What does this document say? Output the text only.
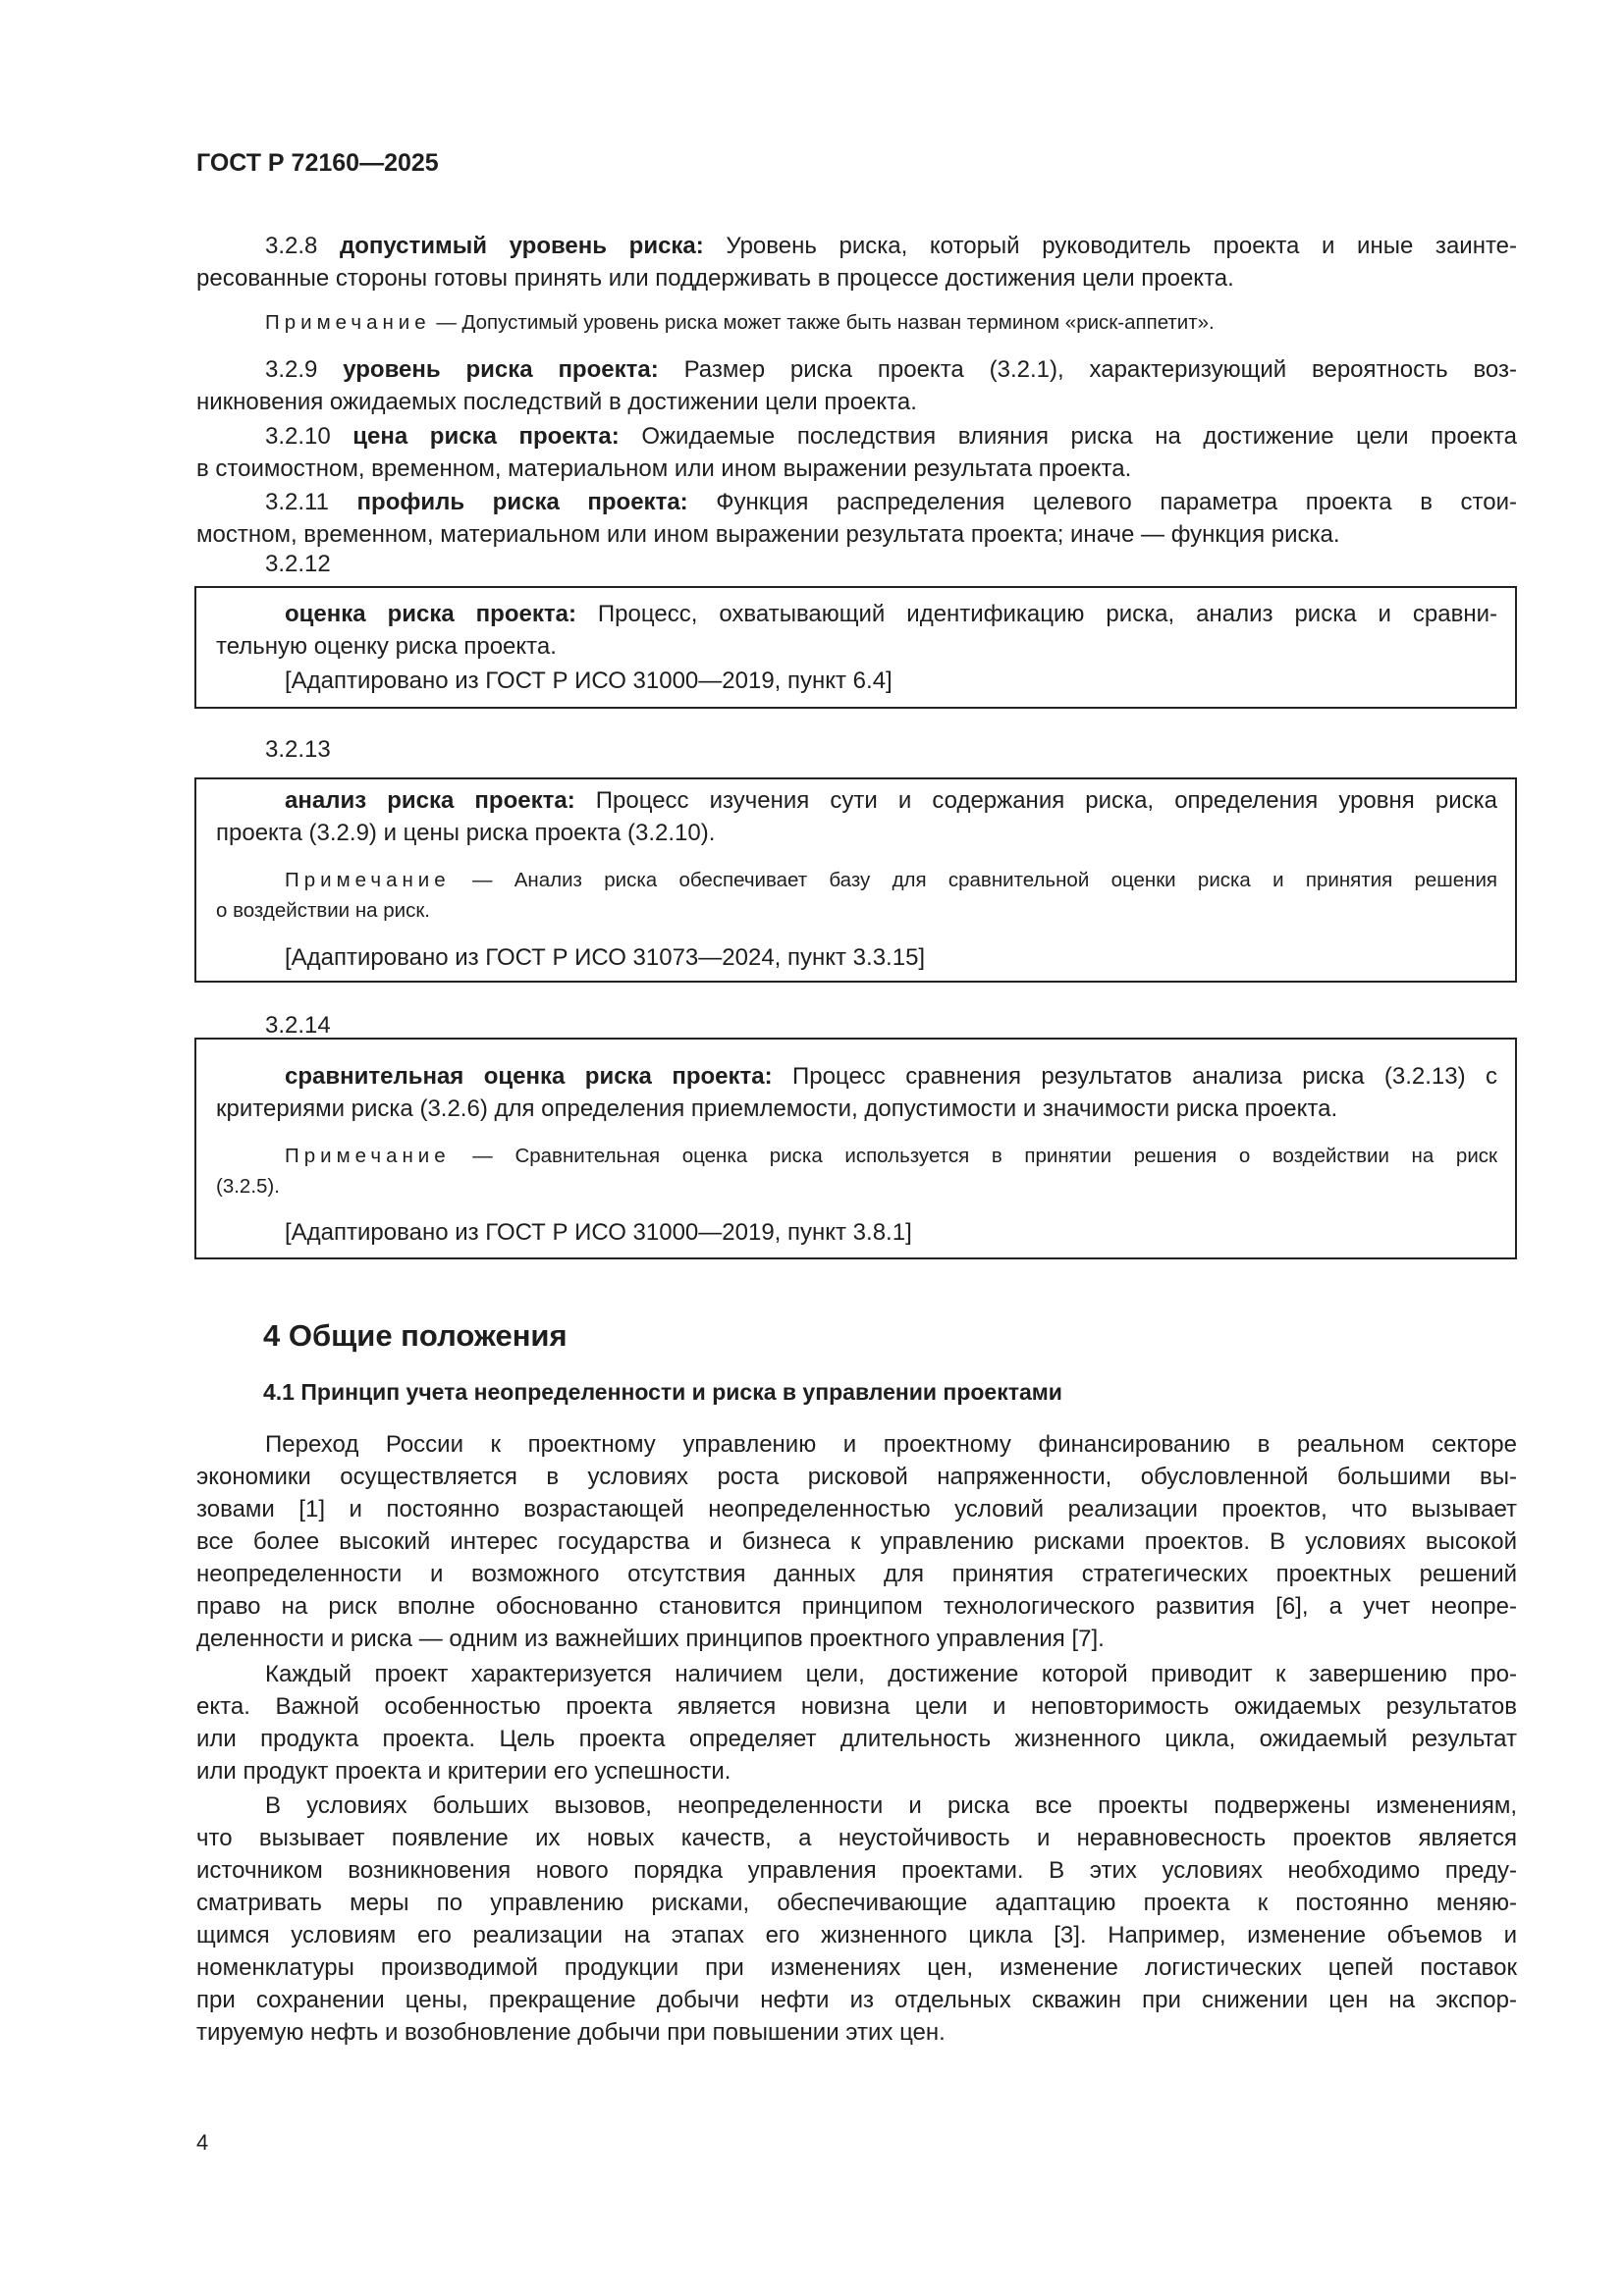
ГОСТ Р 72160—2025
3.2.8 допустимый уровень риска: Уровень риска, который руководитель проекта и иные заинте-
ресованные стороны готовы принять или поддерживать в процессе достижения цели проекта.
Примечание — Допустимый уровень риска может также быть назван термином «риск-аппетит».
3.2.9 уровень риска проекта: Размер риска проекта (3.2.1), характеризующий вероятность воз-
никновения ожидаемых последствий в достижении цели проекта.
3.2.10 цена риска проекта: Ожидаемые последствия влияния риска на достижение цели проекта
в стоимостном, временном, материальном или ином выражении результата проекта.
3.2.11 профиль риска проекта: Функция распределения целевого параметра проекта в стои-
мостном, временном, материальном или ином выражении результата проекта; иначе — функция риска.
3.2.12
оценка риска проекта: Процесс, охватывающий идентификацию риска, анализ риска и сравни-
тельную оценку риска проекта.
[Адаптировано из ГОСТ Р ИСО 31000—2019, пункт 6.4]
3.2.13
анализ риска проекта: Процесс изучения сути и содержания риска, определения уровня риска
проекта (3.2.9) и цены риска проекта (3.2.10).
Примечание — Анализ риска обеспечивает базу для сравнительной оценки риска и принятия решения
о воздействии на риск.
[Адаптировано из ГОСТ Р ИСО 31073—2024, пункт 3.3.15]
3.2.14
сравнительная оценка риска проекта: Процесс сравнения результатов анализа риска (3.2.13) с
критериями риска (3.2.6) для определения приемлемости, допустимости и значимости риска проекта.
Примечание — Сравнительная оценка риска используется в принятии решения о воздействии на риск
(3.2.5).
[Адаптировано из ГОСТ Р ИСО 31000—2019, пункт 3.8.1]
4 Общие положения
4.1 Принцип учета неопределенности и риска в управлении проектами
Переход России к проектному управлению и проектному финансированию в реальном секторе
экономики осуществляется в условиях роста рисковой напряженности, обусловленной большими вы-
зовами [1] и постоянно возрастающей неопределенностью условий реализации проектов, что вызывает
все более высокий интерес государства и бизнеса к управлению рисками проектов. В условиях высокой
неопределенности и возможного отсутствия данных для принятия стратегических проектных решений
право на риск вполне обоснованно становится принципом технологического развития [6], а учет неопре-
деленности и риска — одним из важнейших принципов проектного управления [7].
Каждый проект характеризуется наличием цели, достижение которой приводит к завершению про-
екта. Важной особенностью проекта является новизна цели и неповторимость ожидаемых результатов
или продукта проекта. Цель проекта определяет длительность жизненного цикла, ожидаемый результат
или продукт проекта и критерии его успешности.
В условиях больших вызовов, неопределенности и риска все проекты подвержены изменениям,
что вызывает появление их новых качеств, а неустойчивость и неравновесность проектов является
источником возникновения нового порядка управления проектами. В этих условиях необходимо преду-
сматривать меры по управлению рисками, обеспечивающие адаптацию проекта к постоянно меняю-
щимся условиям его реализации на этапах его жизненного цикла [3]. Например, изменение объемов и
номенклатуры производимой продукции при изменениях цен, изменение логистических цепей поставок
при сохранении цены, прекращение добычи нефти из отдельных скважин при снижении цен на экспор-
тируемую нефть и возобновление добычи при повышении этих цен.
4
